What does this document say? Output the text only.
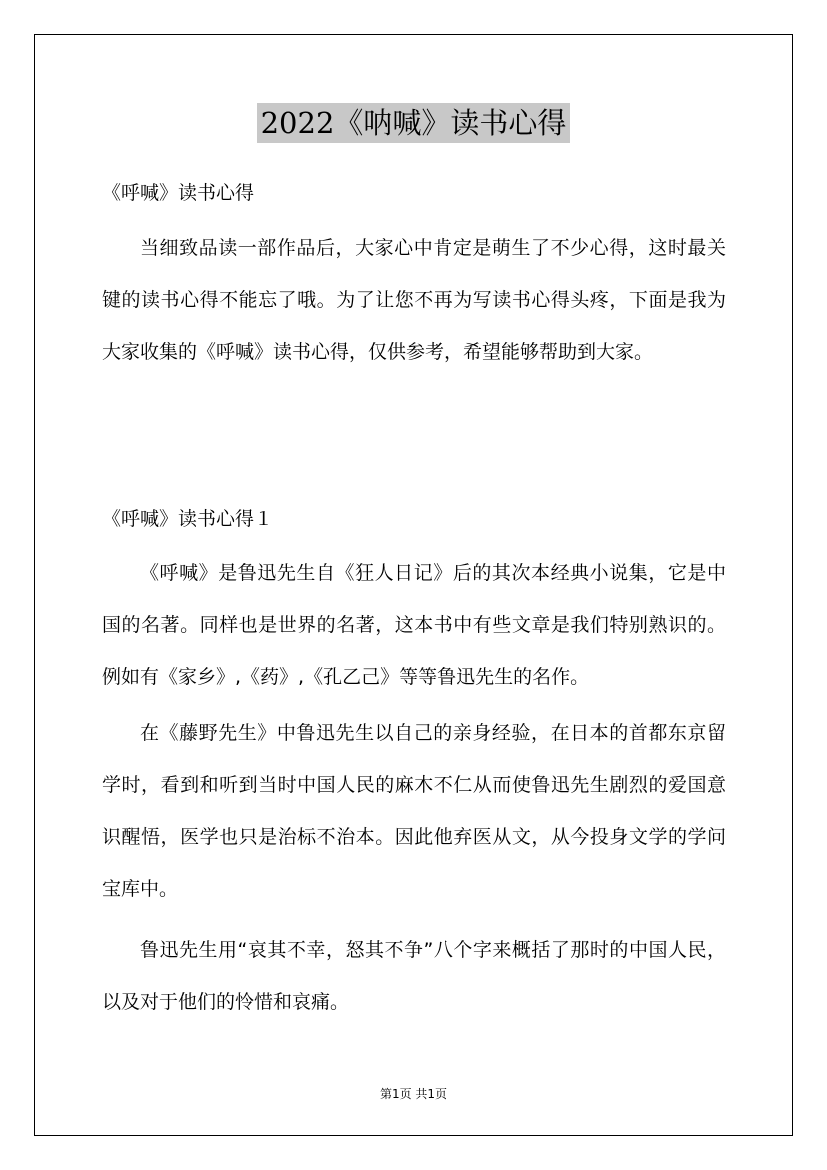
2022《呐喊》读书心得

《呼喊》读书心得

当细致品读一部作品后，大家心中肯定是萌生了不少心得，这时最关键的读书心得不能忘了哦。为了让您不再为写读书心得头疼，下面是我为大家收集的《呼喊》读书心得，仅供参考，希望能够帮助到大家。

《呼喊》读书心得１

《呼喊》是鲁迅先生自《狂人日记》后的其次本经典小说集，它是中国的名著。同样也是世界的名著，这本书中有些文章是我们特别熟识的。例如有《家乡》,《药》,《孔乙己》等等鲁迅先生的名作。

在《藤野先生》中鲁迅先生以自己的亲身经验，在日本的首都东京留学时，看到和听到当时中国人民的麻木不仁从而使鲁迅先生剧烈的爱国意识醒悟，医学也只是治标不治本。因此他弃医从文，从今投身文学的学问宝库中。

鲁迅先生用“哀其不幸，怒其不争”八个字来概括了那时的中国人民，以及对于他们的怜惜和哀痛。

第1页 共1页
